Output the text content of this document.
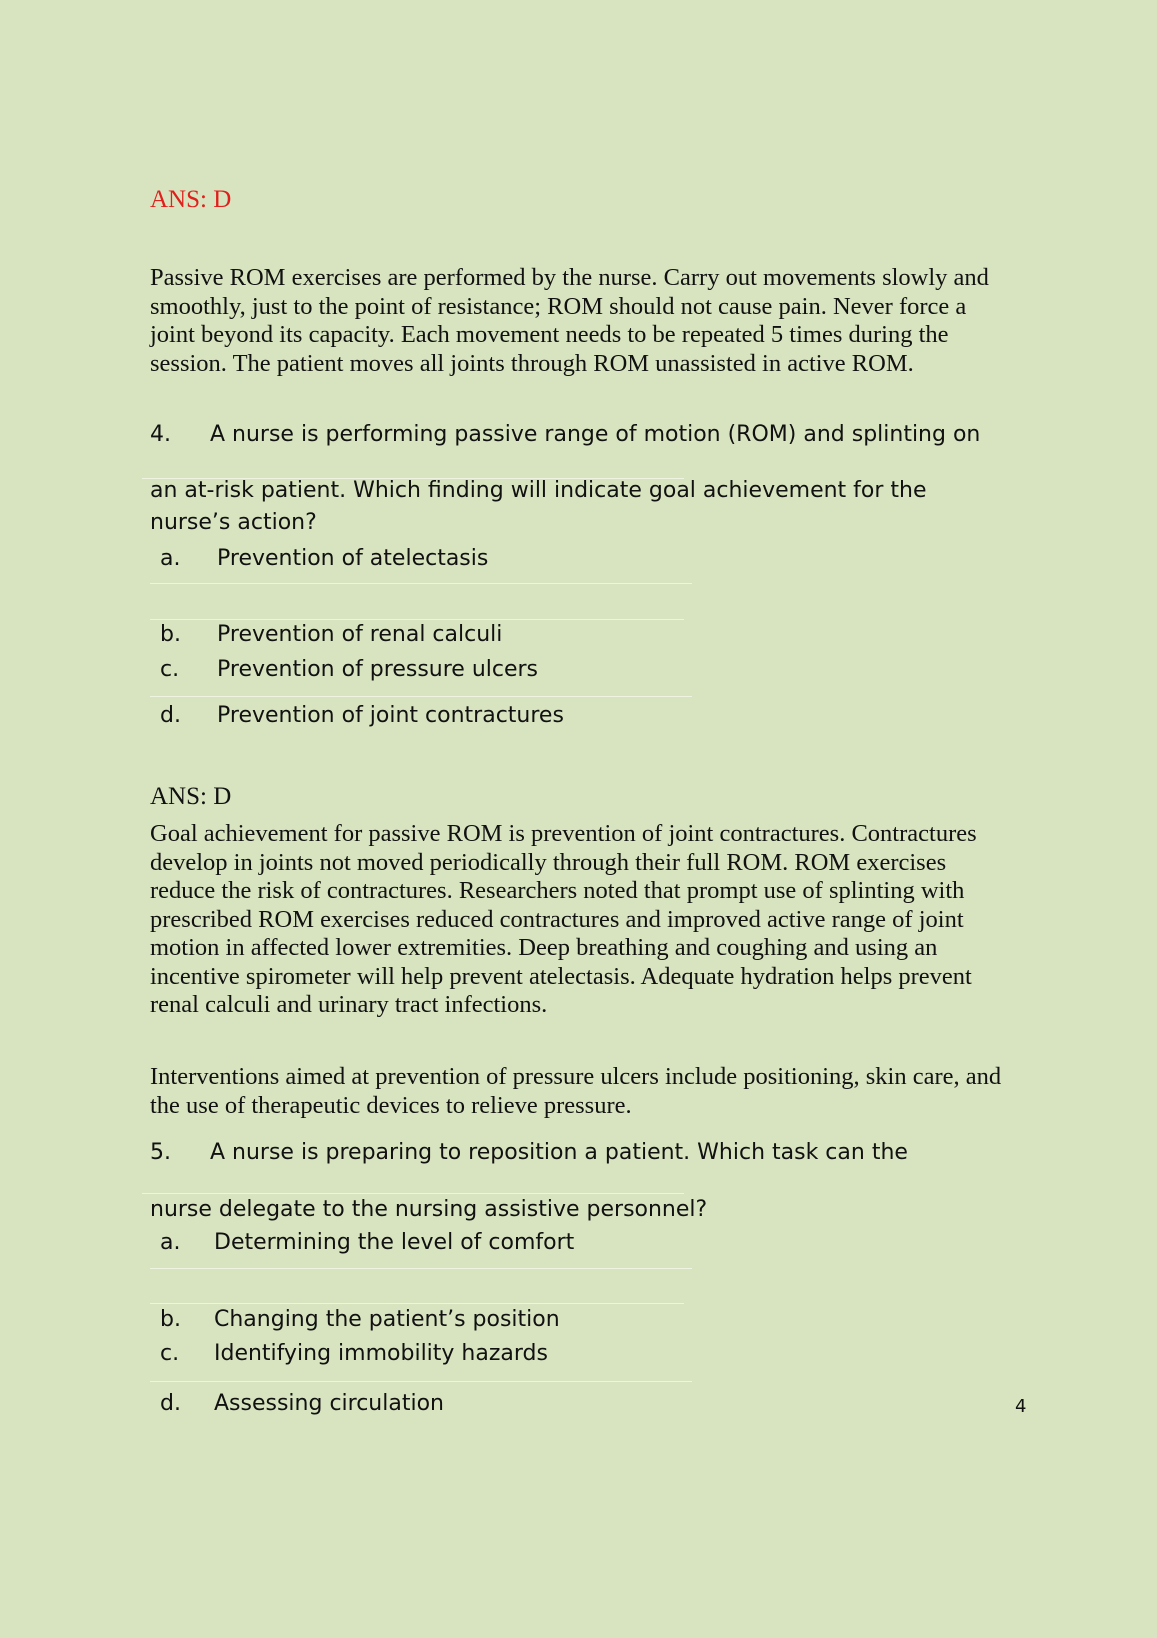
ANS: D

Passive ROM exercises are performed by the nurse. Carry out movements slowly and smoothly, just to the point of resistance; ROM should not cause pain. Never force a joint beyond its capacity. Each movement needs to be repeated 5 times during the session. The patient moves all joints through ROM unassisted in active ROM.

4. A nurse is performing passive range of motion (ROM) and splinting on
an at-risk patient. Which finding will indicate goal achievement for the
nurse’s action?
a. Prevention of atelectasis
b. Prevention of renal calculi
c. Prevention of pressure ulcers
d. Prevention of joint contractures

ANS: D

Goal achievement for passive ROM is prevention of joint contractures. Contractures develop in joints not moved periodically through their full ROM. ROM exercises reduce the risk of contractures. Researchers noted that prompt use of splinting with prescribed ROM exercises reduced contractures and improved active range of joint motion in affected lower extremities. Deep breathing and coughing and using an incentive spirometer will help prevent atelectasis. Adequate hydration helps prevent renal calculi and urinary tract infections.

Interventions aimed at prevention of pressure ulcers include positioning, skin care, and the use of therapeutic devices to relieve pressure.

5. A nurse is preparing to reposition a patient. Which task can the
nurse delegate to the nursing assistive personnel?
a. Determining the level of comfort
b. Changing the patient’s position
c. Identifying immobility hazards
d. Assessing circulation	4
